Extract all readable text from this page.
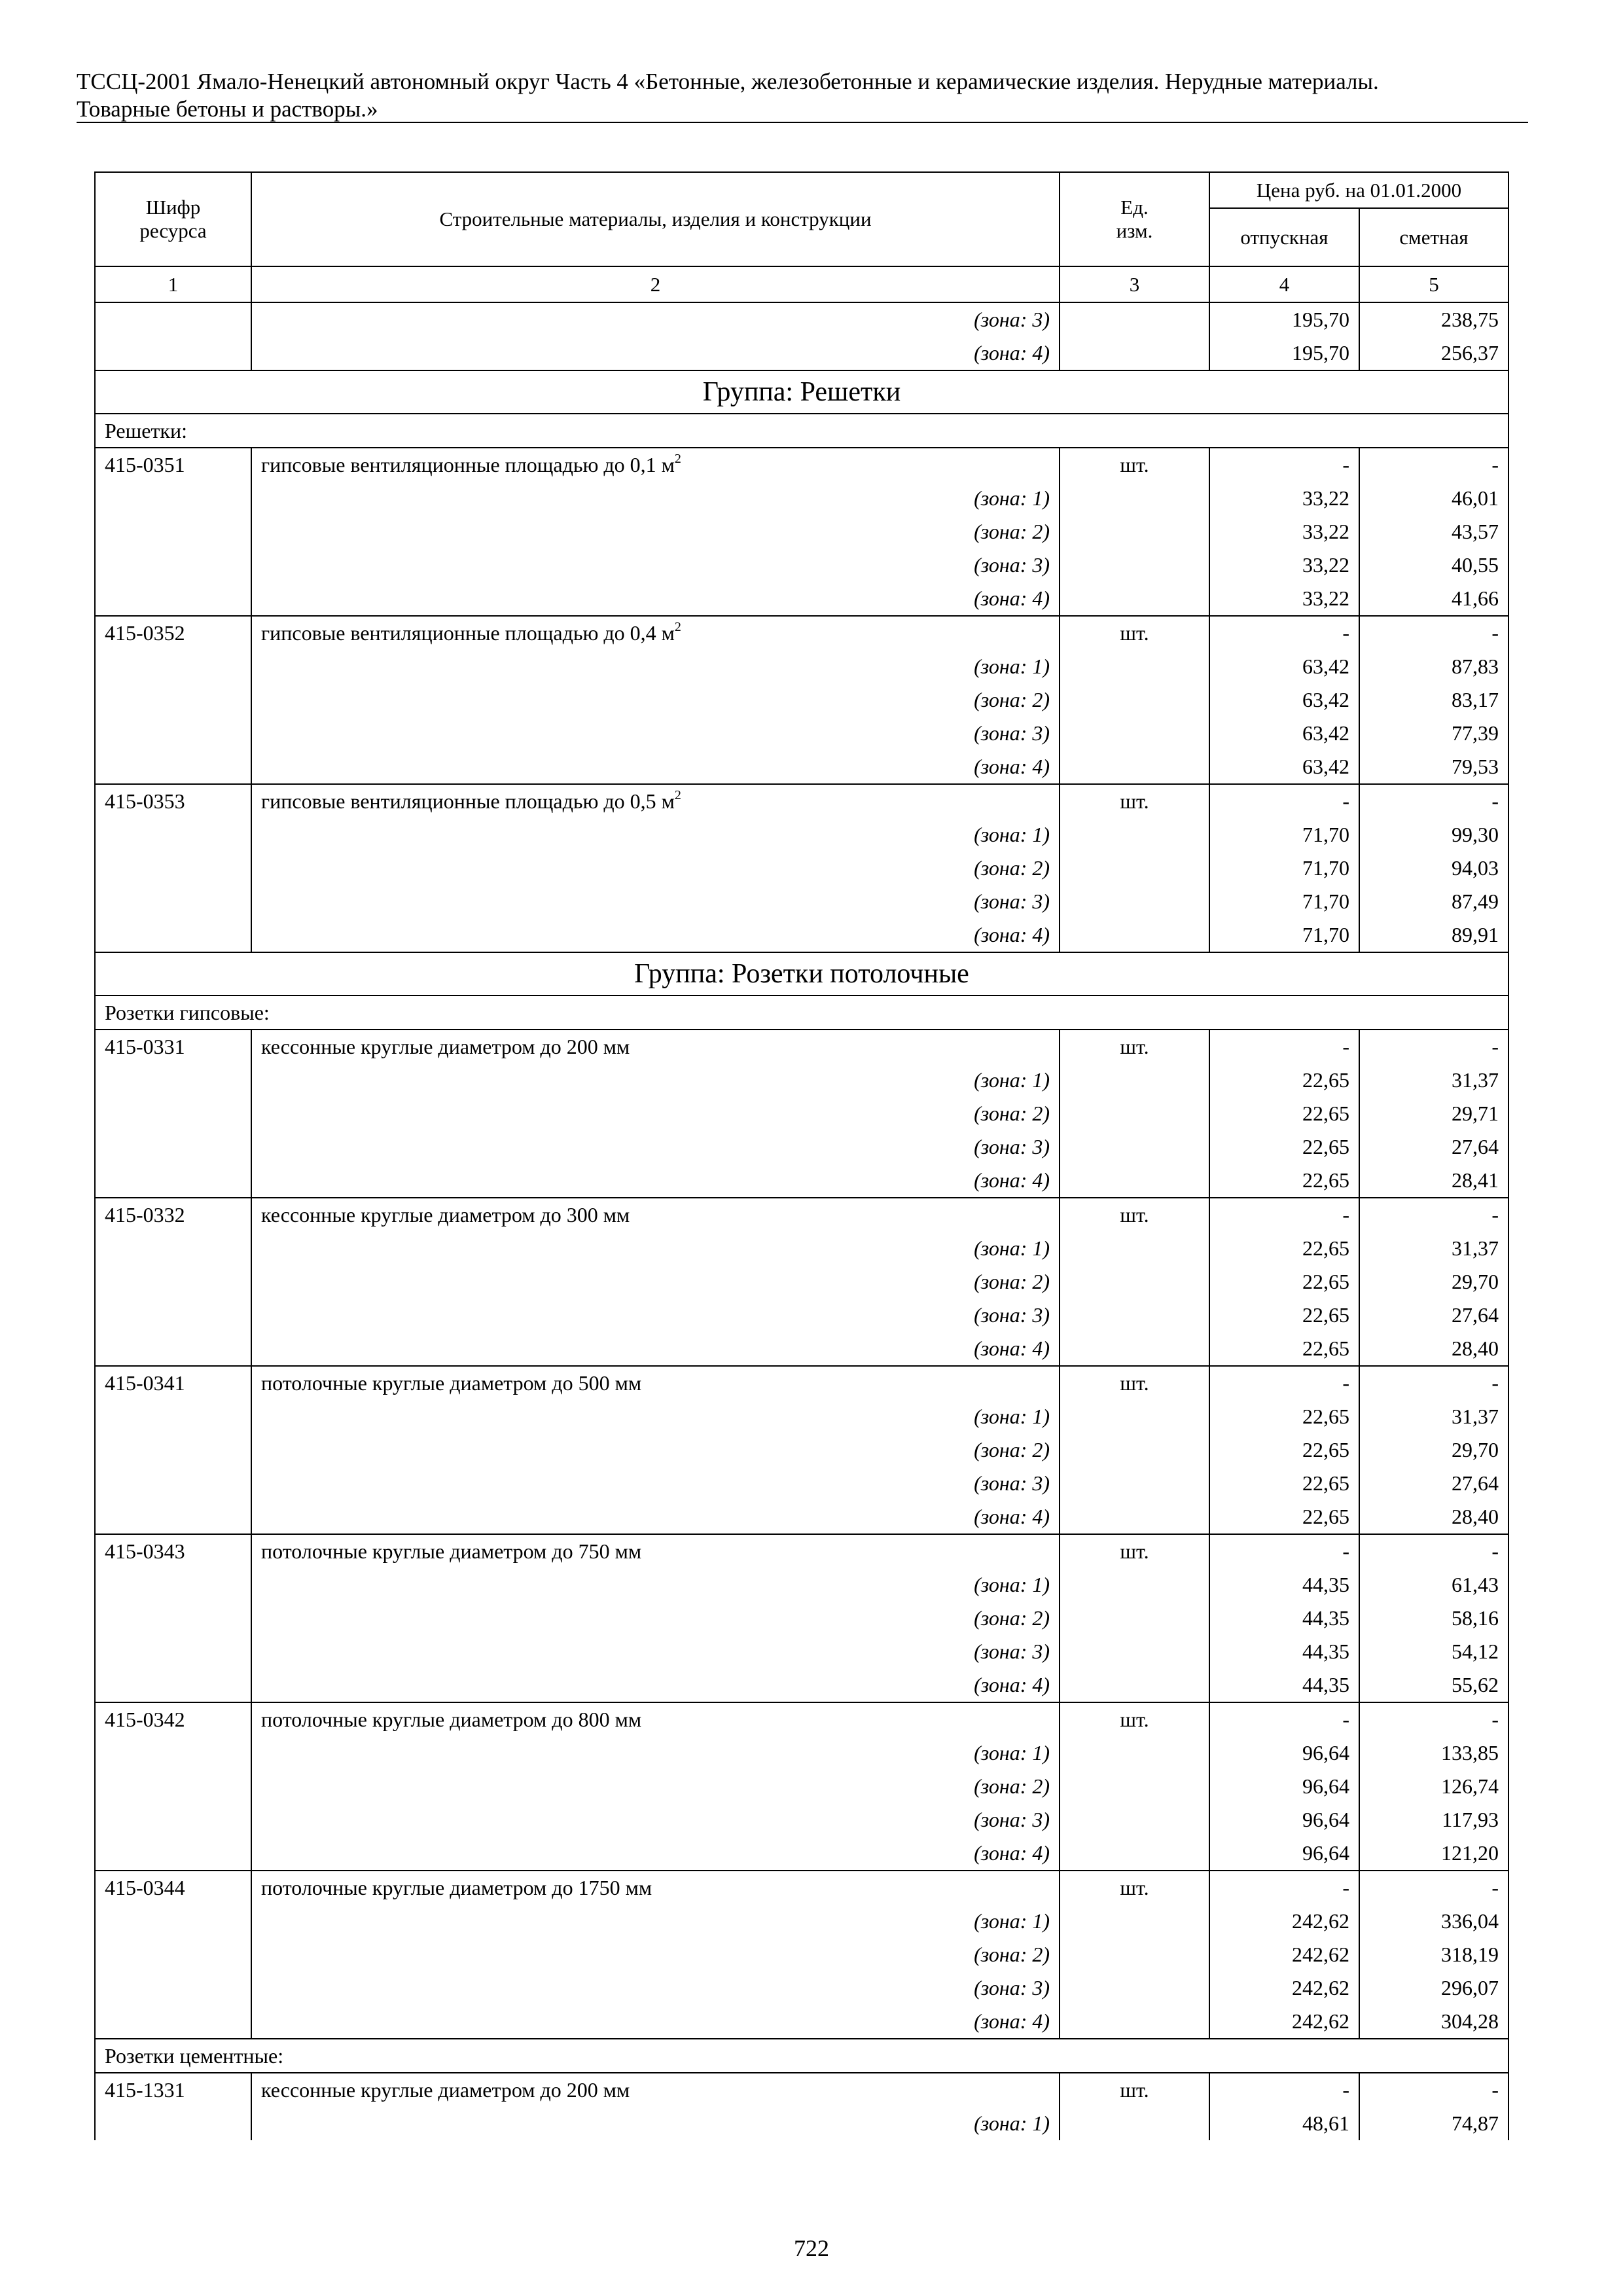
ТССЦ-2001 Ямало-Ненецкий автономный округ Часть 4 «Бетонные, железобетонные и керамические изделия. Нерудные материалы.
Товарные бетоны и растворы.»
Шифр ресурса	Строительные материалы, изделия и конструкции	Ед. изм.	Цена руб. на 01.01.2000	
			отпускная	сметная
1	2	3	4	5
	(зона: 3)		195,70	238,75
	(зона: 4)		195,70	256,37
Группа: Решетки				
Решетки:				
415-0351	гипсовые вентиляционные площадью до 0,1 $м^2$	шт.	-	-
	(зона: 1)		33,22	46,01
	(зона: 2)		33,22	43,57
	(зона: 3)		33,22	40,55
	(зона: 4)		33,22	41,66
415-0352	гипсовые вентиляционные площадью до 0,4 $м^2$	шт.	-	-
	(зона: 1)		63,42	87,83
	(зона: 2)		63,42	83,17
	(зона: 3)		63,42	77,39
	(зона: 4)		63,42	79,53
415-0353	гипсовые вентиляционные площадью до 0,5 $м^2$	шт.	-	-
	(зона: 1)		71,70	99,30
	(зона: 2)		71,70	94,03
	(зона: 3)		71,70	87,49
	(зона: 4)		71,70	89,91
Группа: Розетки потолочные				
Розетки гипсовые:				
415-0331	кессонные круглые диаметром до 200 мм	шт.	-	-
	(зона: 1)		22,65	31,37
	(зона: 2)		22,65	29,71
	(зона: 3)		22,65	27,64
	(зона: 4)		22,65	28,41
415-0332	кессонные круглые диаметром до 300 мм	шт.	-	-
	(зона: 1)		22,65	31,37
	(зона: 2)		22,65	29,70
	(зона: 3)		22,65	27,64
	(зона: 4)		22,65	28,40
415-0341	потолочные круглые диаметром до 500 мм	шт.	-	-
	(зона: 1)		22,65	31,37
	(зона: 2)		22,65	29,70
	(зона: 3)		22,65	27,64
	(зона: 4)		22,65	28,40
415-0343	потолочные круглые диаметром до 750 мм	шт.	-	-
	(зона: 1)		44,35	61,43
	(зона: 2)		44,35	58,16
	(зона: 3)		44,35	54,12
	(зона: 4)		44,35	55,62
415-0342	потолочные круглые диаметром до 800 мм	шт.	-	-
	(зона: 1)		96,64	133,85
	(зона: 2)		96,64	126,74
	(зона: 3)		96,64	117,93
	(зона: 4)		96,64	121,20
415-0344	потолочные круглые диаметром до 1750 мм	шт.	-	-
	(зона: 1)		242,62	336,04
	(зона: 2)		242,62	318,19
	(зона: 3)		242,62	296,07
	(зона: 4)		242,62	304,28
Розетки цементные:				
415-1331	кессонные круглые диаметром до 200 мм	шт.	-	-
	(зона: 1)		48,61	74,87
722
